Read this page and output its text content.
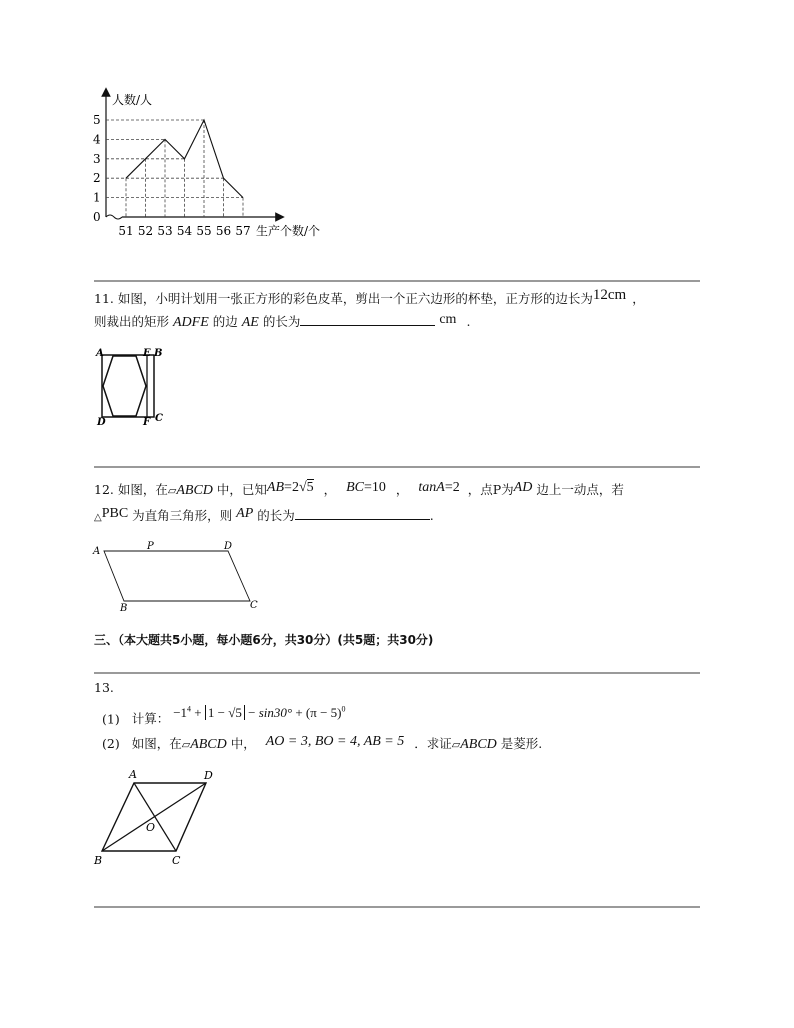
0
1
2
3
4
5
51 52 53 54 55 56 57
人数/人
生产个数/个
11. 如图，小明计划用一张正方形的彩色皮革，剪出一个正六边形的杯垫，正方形的边长为12cm ，
则裁出的矩形 ADFE 的边 AE 的长为	cm .
A	E B
D	F C
12. 如图，在▱ABCD 中，已知AB=2√5 ， BC=10 ， tanA=2 ，点P为AD 边上一动点，若
△PBC 为直角三角形，则 AP 的长为	.
A	P	D
B	C
三、（本大题共5小题，每小题6分，共30分）(共5题；共30分)
13.
(1) 计算： $-1^4 + 1 - √5 - \sin 30^\circ + (\pi - 5)^0$
(2) 如图，在▱ABCD 中， AO = 3, BO = 4, AB = 5 ．求证▱ABCD 是菱形.
A	D
O
B	C
